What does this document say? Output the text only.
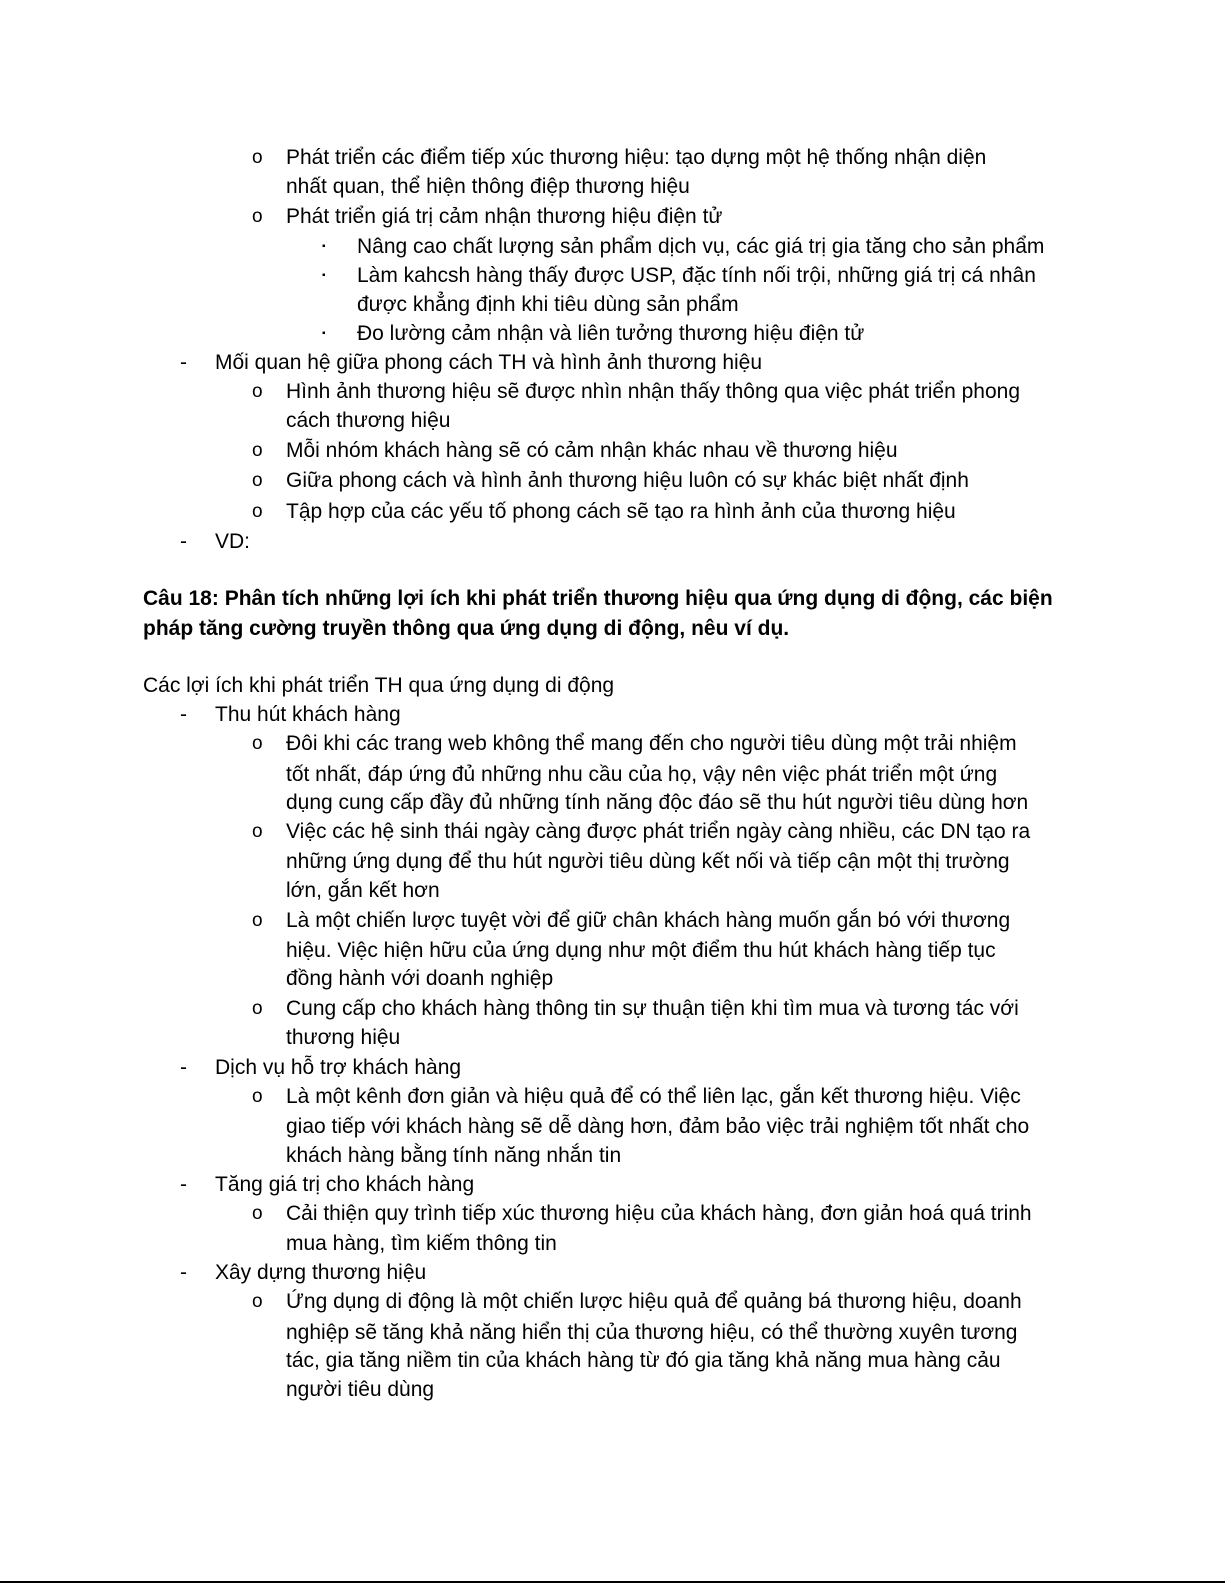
o Phát triển các điểm tiếp xúc thương hiệu: tạo dựng một hệ thống nhận diện
nhất quan, thể hiện thông điệp thương hiệu
o Phát triển giá trị cảm nhận thương hiệu điện tử
▪ Nâng cao chất lượng sản phẩm dịch vụ, các giá trị gia tăng cho sản phẩm
▪ Làm kahcsh hàng thấy được USP, đặc tính nối trội, những giá trị cá nhân
được khẳng định khi tiêu dùng sản phẩm
▪ Đo lường cảm nhận và liên tưởng thương hiệu điện tử
- Mối quan hệ giữa phong cách TH và hình ảnh thương hiệu
o Hình ảnh thương hiệu sẽ được nhìn nhận thấy thông qua việc phát triển phong
cách thương hiệu
o Mỗi nhóm khách hàng sẽ có cảm nhận khác nhau về thương hiệu
o Giữa phong cách và hình ảnh thương hiệu luôn có sự khác biệt nhất định
o Tập hợp của các yếu tố phong cách sẽ tạo ra hình ảnh của thương hiệu
- VD:
Câu 18: Phân tích những lợi ích khi phát triển thương hiệu qua ứng dụng di động, các biện
pháp tăng cường truyền thông qua ứng dụng di động, nêu ví dụ.
Các lợi ích khi phát triển TH qua ứng dụng di động
- Thu hút khách hàng
o Đôi khi các trang web không thể mang đến cho người tiêu dùng một trải nhiệm
tốt nhất, đáp ứng đủ những nhu cầu của họ, vậy nên việc phát triển một ứng
dụng cung cấp đầy đủ những tính năng độc đáo sẽ thu hút người tiêu dùng hơn
o Việc các hệ sinh thái ngày càng được phát triển ngày càng nhiều, các DN tạo ra
những ứng dụng để thu hút người tiêu dùng kết nối và tiếp cận một thị trường
lớn, gắn kết hơn
o Là một chiến lược tuyệt vời để giữ chân khách hàng muốn gắn bó với thương
hiệu. Việc hiện hữu của ứng dụng như một điểm thu hút khách hàng tiếp tục
đồng hành với doanh nghiệp
o Cung cấp cho khách hàng thông tin sự thuận tiện khi tìm mua và tương tác với
thương hiệu
- Dịch vụ hỗ trợ khách hàng
o Là một kênh đơn giản và hiệu quả để có thể liên lạc, gắn kết thương hiệu. Việc
giao tiếp với khách hàng sẽ dễ dàng hơn, đảm bảo việc trải nghiệm tốt nhất cho
khách hàng bằng tính năng nhắn tin
- Tăng giá trị cho khách hàng
o Cải thiện quy trình tiếp xúc thương hiệu của khách hàng, đơn giản hoá quá trinh
mua hàng, tìm kiếm thông tin
- Xây dựng thương hiệu
o Ứng dụng di động là một chiến lược hiệu quả để quảng bá thương hiệu, doanh
nghiệp sẽ tăng khả năng hiển thị của thương hiệu, có thể thường xuyên tương
tác, gia tăng niềm tin của khách hàng từ đó gia tăng khả năng mua hàng cảu
người tiêu dùng
